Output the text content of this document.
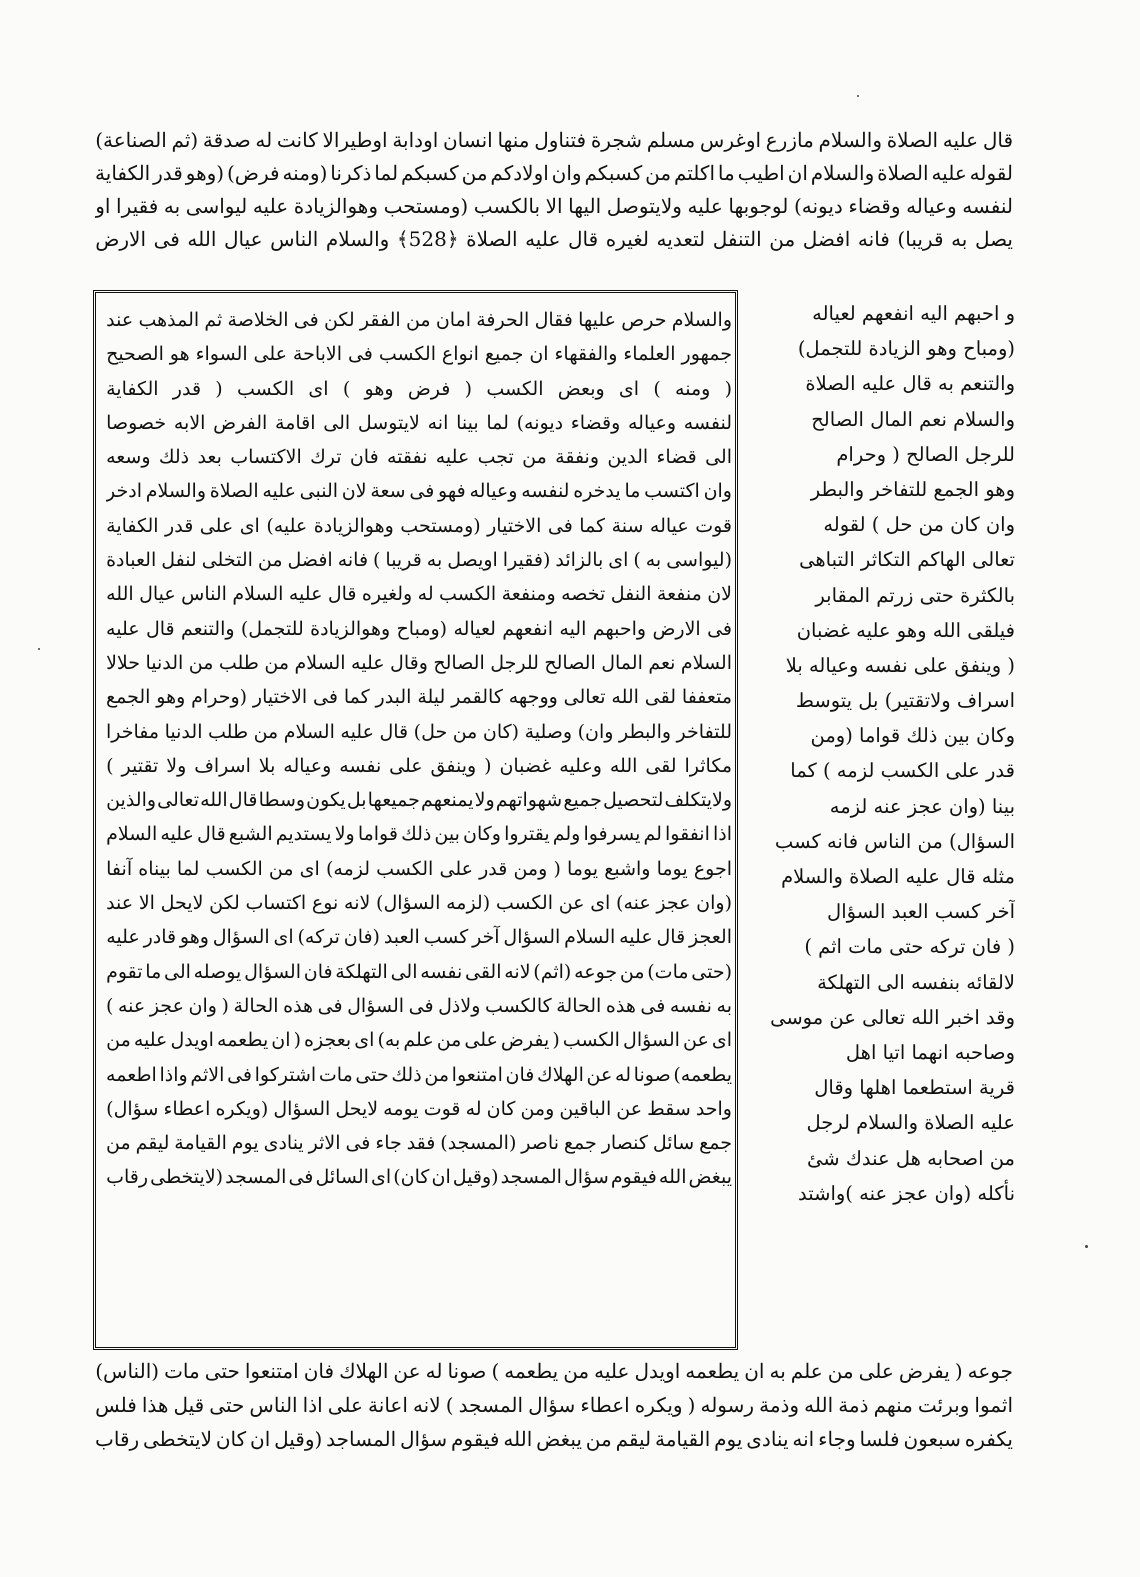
قال
عليه
الصلاة
والسلام
مازرع
اوغرس
مسلم
شجرة
فتناول
منها
انسان
اودابة
اوطيرالا
كانت
له
صدقة
(ثم
الصناعة)
لقوله
عليه
الصلاة
والسلام
ان
اطيب
ما
اكلتم
من
كسبكم
وان
اولادكم
من
كسبكم
لما
ذكرنا
(ومنه
فرض)
(وهو
قدر
الكفاية
لنفسه
وعياله
وقضاء
ديونه)
لوجوبها
عليه
ولايتوصل
اليها
الا
بالكسب
(ومستحب
وهوالزيادة
عليه
ليواسى
به
فقيرا
او
يصل
به
قريبا)
فانه
افضل
من
التنفل
لتعديه
لغيره
قال
عليه
الصلاة
﴿528﴾
والسلام
الناس
عيال
الله
فى
الارض
والسلام
حرص
عليها
فقال
الحرفة
امان
من
الفقر
لكن
فى
الخلاصة
ثم
المذهب
عند
جمهور
العلماء
والفقهاء
ان
جميع
انواع
الكسب
فى
الاباحة
على
السواء
هو
الصحيح
(
ومنه
)
اى
وبعض
الكسب
(
فرض
وهو
)
اى
الكسب
(
قدر
الكفاية
لنفسه
وعياله
وقضاء
ديونه)
لما
بينا
انه
لايتوسل
الى
اقامة
الفرض
الابه
خصوصا
الى
قضاء
الدين
ونفقة
من
تجب
عليه
نفقته
فان
ترك
الاكتساب
بعد
ذلك
وسعه
وان
اكتسب
ما
يدخره
لنفسه
وعياله
فهو
فى
سعة
لان
النبى
عليه
الصلاة
والسلام
ادخر
قوت
عياله
سنة
كما
فى
الاختيار
(ومستحب
وهوالزيادة
عليه)
اى
على
قدر
الكفاية
(ليواسى
به
)
اى
بالزائد
(فقيرا
اويصل
به
قريبا
)
فانه
افضل
من
التخلى
لنفل
العبادة
لان
منفعة
النفل
تخصه
ومنفعة
الكسب
له
ولغيره
قال
عليه
السلام
الناس
عيال
الله
فى
الارض
واحبهم
اليه
انفعهم
لعياله
(ومباح
وهوالزيادة
للتجمل)
والتنعم
قال
عليه
السلام
نعم
المال
الصالح
للرجل
الصالح
وقال
عليه
السلام
من
طلب
من
الدنيا
حلالا
متعففا
لقى
الله
تعالى
ووجهه
كالقمر
ليلة
البدر
كما
فى
الاختيار
(وحرام
وهو
الجمع
للتفاخر
والبطر
وان)
وصلية
(كان
من
حل)
قال
عليه
السلام
من
طلب
الدنيا
مفاخرا
مكاثرا
لقى
الله
وعليه
غضبان
(
وينفق
على
نفسه
وعياله
بلا
اسراف
ولا
تقتير
)
ولايتكلف
لتحصيل
جميع
شهواتهم
ولا
يمنعهم
جميعها
بل
يكون
وسطا
قال
الله
تعالى
والذين
اذا
انفقوا
لم
يسرفوا
ولم
يقتروا
وكان
بين
ذلك
قواما
ولا
يستديم
الشبع
قال
عليه
السلام
اجوع
يوما
واشبع
يوما
(
ومن
قدر
على
الكسب
لزمه)
اى
من
الكسب
لما
بيناه
آنفا
(وان
عجز
عنه)
اى
عن
الكسب
(لزمه
السؤال)
لانه
نوع
اكتساب
لكن
لايحل
الا
عند
العجز
قال
عليه
السلام
السؤال
آخر
كسب
العبد
(فان
تركه)
اى
السؤال
وهو
قادر
عليه
(حتى
مات)
من
جوعه
(اثم)
لانه
القى
نفسه
الى
التهلكة
فان
السؤال
يوصله
الى
ما
تقوم
به
نفسه
فى
هذه
الحالة
كالكسب
ولاذل
فى
السؤال
فى
هذه
الحالة
(
وان
عجز
عنه
)
اى
عن
السؤال
الكسب
(
يفرض
على
من
علم
به)
اى
بعجزه
(
ان
يطعمه
اويدل
عليه
من
يطعمه)
صونا
له
عن
الهلاك
فان
امتنعوا
من
ذلك
حتى
مات
اشتركوا
فى
الاثم
واذا
اطعمه
واحد
سقط
عن
الباقين
ومن
كان
له
قوت
يومه
لايحل
السؤال
(ويكره
اعطاء
سؤال)
جمع
سائل
كنصار
جمع
ناصر
(المسجد)
فقد
جاء
فى
الاثر
ينادى
يوم
القيامة
ليقم
من
يبغض
الله
فيقوم
سؤال
المسجد
(وقيل
ان
كان)
اى
السائل
فى
المسجد
(لايتخطى
رقاب
و احبهم اليه انفعهم لعياله
(ومباح وهو الزيادة للتجمل)
والتنعم به قال عليه الصلاة
والسلام نعم المال الصالح
للرجل الصالح ( وحرام
وهو الجمع للتفاخر والبطر
وان كان من حل ) لقوله
تعالى الهاكم التكاثر التباهى
بالكثرة حتى زرتم المقابر
فيلقى الله وهو عليه غضبان
( وينفق على نفسه وعياله بلا
اسراف ولاتقتير) بل يتوسط
وكان بين ذلك قواما (ومن
قدر على الكسب لزمه ) كما
بينا (وان عجز عنه لزمه
السؤال) من الناس فانه كسب
مثله قال عليه الصلاة والسلام
آخر كسب العبد السؤال
( فان تركه حتى مات اثم )
لالقائه بنفسه الى التهلكة
وقد اخبر الله تعالى عن موسى
وصاحبه انهما اتيا اهل
قرية استطعما اهلها وقال
عليه الصلاة والسلام لرجل
من اصحابه هل عندك شئ
نأكله (وان عجز عنه )واشتد
جوعه
(
يفرض
على
من
علم
به
ان
يطعمه
اويدل
عليه
من
يطعمه
)
صونا
له
عن
الهلاك
فان
امتنعوا
حتى
مات
(الناس)
اثموا
وبرئت
منهم
ذمة
الله
وذمة
رسوله
(
ويكره
اعطاء
سؤال
المسجد
)
لانه
اعانة
على
اذا
الناس
حتى
قيل
هذا
فلس
يكفره
سبعون
فلسا
وجاء
انه
ينادى
يوم
القيامة
ليقم
من
يبغض
الله
فيقوم
سؤال
المساجد
(وقيل
ان
كان
لايتخطى
رقاب
